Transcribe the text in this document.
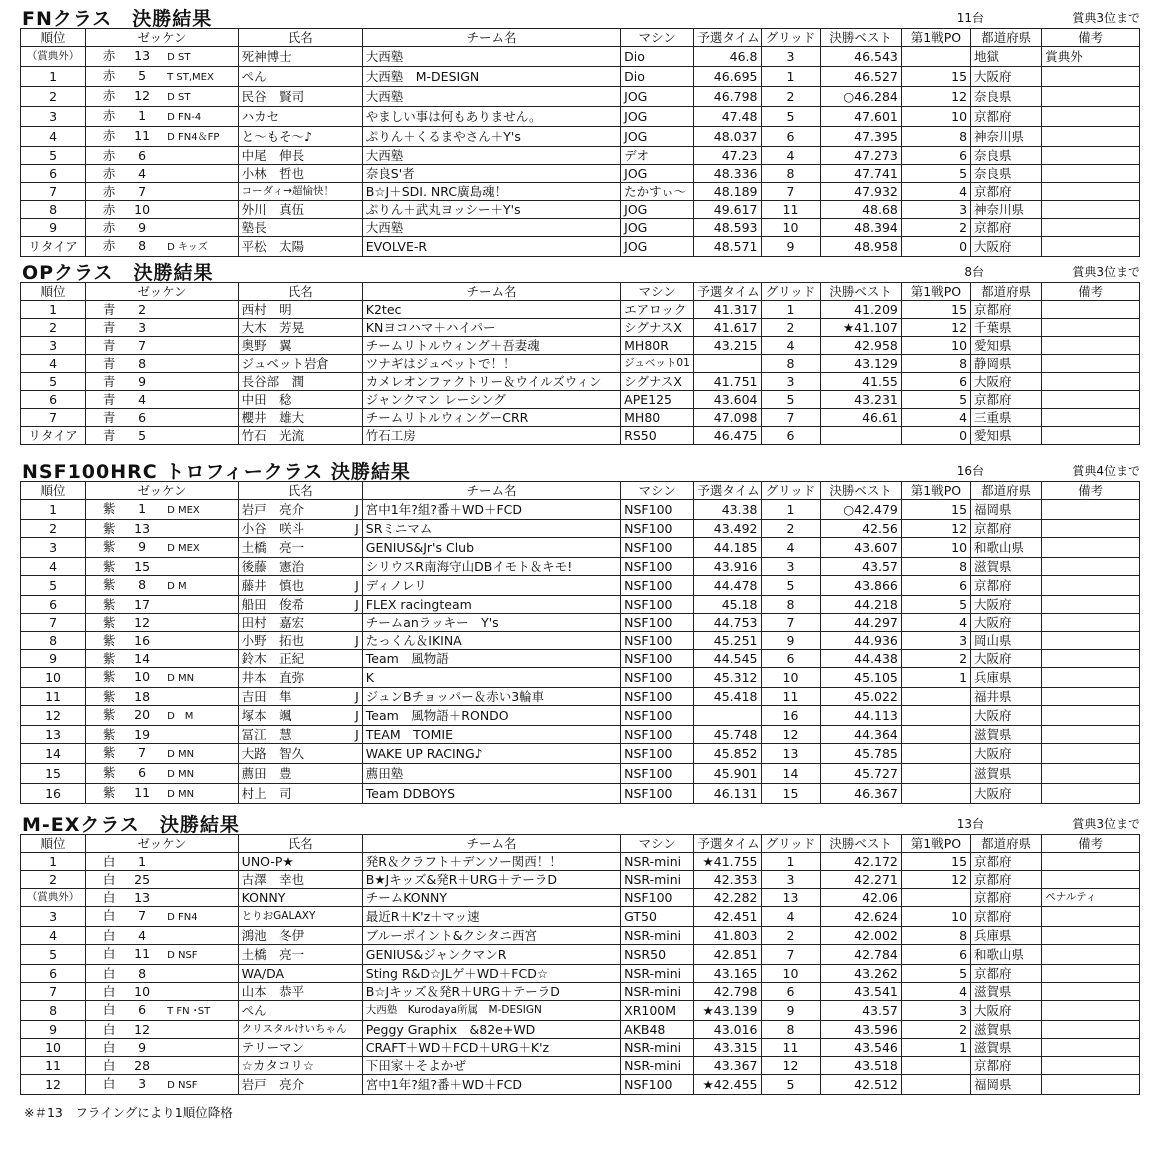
FNクラス　決勝結果	11台	賞典3位まで
順位	ゼッケン	氏名	チーム名	マシン	予選タイム	グリッド	決勝ベスト	第1戦PO	都道府県	備考
（賞典外）	赤 13 D ST	死神博士	大西塾	Dio	46.8	3	46.543		地獄	賞典外
1	赤 5 T ST,MEX	ぺん	大西塾　M-DESIGN	Dio	46.695	1	46.527	15	大阪府	
2	赤 12 D ST	民谷　賢司	大西塾	JOG	46.798	2	○46.284	12	奈良県	
3	赤 1 D FN-4	ハカセ	やましい事は何もありません。	JOG	47.48	5	47.601	10	京都府	
4	赤 11 D FN4＆FP	と～もそ～♪	ぷりん＋くるまやさん＋Y's	JOG	48.037	6	47.395	8	神奈川県	
5	赤 6	中尾　伸長	大西塾	デオ	47.23	4	47.273	6	奈良県	
6	赤 4	小林　哲也	奈良S'者	JOG	48.336	8	47.741	5	奈良県	
7	赤 7	コーダィ→超愉快！	B☆J＋SDI. NRC廣島魂！	たかすぃ～	48.189	7	47.932	4	京都府	
8	赤 10	外川　真伍	ぷりん＋武丸ヨッシー＋Y's	JOG	49.617	11	48.68	3	神奈川県	
9	赤 9	塾長	大西塾	JOG	48.593	10	48.394	2	京都府	
リタイア	赤 8 D キッズ	平松　太陽	EVOLVE-R	JOG	48.571	9	48.958	0	大阪府	
OPクラス　決勝結果	8台	賞典3位まで
順位	ゼッケン	氏名	チーム名	マシン	予選タイム	グリッド	決勝ベスト	第1戦PO	都道府県	備考
1	青 2	西村　明	K2tec	エアロック	41.317	1	41.209	15	京都府	
2	青 3	大木　芳晃	KNヨコハマ＋ハイパー	シグナスX	41.617	2	★41.107	12	千葉県	
3	青 7	奥野　翼	チームリトルウィング＋吾妻魂	MH80R	43.215	4	42.958	10	愛知県	
4	青 8	ジュベット岩倉	ツナギはジュベットで！！	ジュベット01		8	43.129	8	静岡県	
5	青 9	長谷部　潤	カメレオンファクトリー＆ウイルズウィン	シグナスX	41.751	3	41.55	6	大阪府	
6	青 4	中田　稔	ジャンクマン レーシング	APE125	43.604	5	43.231	5	京都府	
7	青 6	櫻井　雄大	チームリトルウィングーCRR	MH80	47.098	7	46.61	4	三重県	
リタイア	青 5	竹石　光流	竹石工房	RS50	46.475	6		0	愛知県	
NSF100HRC トロフィークラス 決勝結果	16台	賞典4位まで
順位	ゼッケン	氏名	チーム名	マシン	予選タイム	グリッド	決勝ベスト	第1戦PO	都道府県	備考
1	紫 1 D MEX	岩戸　亮介 J	宮中1年?組?番＋WD＋FCD	NSF100	43.38	1	○42.479	15	福岡県	
2	紫 13	小谷　咲斗 J	SRミニマム	NSF100	43.492	2	42.56	12	京都府	
3	紫 9 D MEX	土橋　亮一	GENIUS&Jr's Club	NSF100	44.185	4	43.607	10	和歌山県	
4	紫 15	後藤　憲治	シリウスR南海守山DBイモト＆キモ!	NSF100	43.916	3	43.57	8	滋賀県	
5	紫 8 D M	藤井　慎也 J	ディノレリ	NSF100	44.478	5	43.866	6	京都府	
6	紫 17	船田　俊希 J	FLEX racingteam	NSF100	45.18	8	44.218	5	大阪府	
7	紫 12	田村　嘉宏	チームanラッキー　Y's	NSF100	44.753	7	44.297	4	大阪府	
8	紫 16	小野　拓也 J	たっくん＆IKINA	NSF100	45.251	9	44.936	3	岡山県	
9	紫 14	鈴木　正紀	Team　風物語	NSF100	44.545	6	44.438	2	大阪府	
10	紫 10 D MN	井本　直弥	K	NSF100	45.312	10	45.105	1	兵庫県	
11	紫 18	吉田　隼 J	ジュンBチョッパー＆赤い3輪車	NSF100	45.418	11	45.022		福井県	
12	紫 20 D　M	塚本　颯 J	Team　風物語＋RONDO	NSF100		16	44.113		大阪府	
13	紫 19	冨江　慧 J	TEAM　TOMIE	NSF100	45.748	12	44.364		滋賀県	
14	紫 7 D MN	大路　智久	WAKE UP RACING♪	NSF100	45.852	13	45.785		大阪府	
15	紫 6 D MN	薦田　豊	薦田塾	NSF100	45.901	14	45.727		滋賀県	
16	紫 11 D MN	村上　司	Team DDBOYS	NSF100	46.131	15	46.367		大阪府	
M-EXクラス　決勝結果	13台	賞典3位まで
順位	ゼッケン	氏名	チーム名	マシン	予選タイム	グリッド	決勝ベスト	第1戦PO	都道府県	備考
1	白 1	UNO-P★	発R＆クラフト＋デンソー関西！！	NSR-mini	★41.755	1	42.172	15	京都府	
2	白 25	古澤　幸也	B★Jキッズ&発R＋URG＋テーラD	NSR-mini	42.353	3	42.271	12	京都府	
（賞典外）	白 13	KONNY	チームKONNY	NSF100	42.282	13	42.06		京都府	ペナルティ
3	白 7 D FN4	とりおGALAXY	最近R＋K'z＋マッ速	GT50	42.451	4	42.624	10	京都府	
4	白 4	鴻池　冬伊	ブルーポイント&クシタニ西宮	NSR-mini	41.803	2	42.002	8	兵庫県	
5	白 11 D NSF	土橋　亮一	GENIUS&ジャンクマンR	NSR50	42.851	7	42.784	6	和歌山県	
6	白 8	WA/DA	Sting R&D☆JLゲ＋WD＋FCD☆	NSR-mini	43.165	10	43.262	5	京都府	
7	白 10	山本　恭平	B☆Jキッズ＆発R＋URG＋テーラD	NSR-mini	42.798	6	43.541	4	滋賀県	
8	白 6 T FN ･ST	ぺん	大西塾　Kurodaya所属　M-DESIGN	XR100M	★43.139	9	43.57	3	大阪府	
9	白 12	クリスタルけいちゃん	Peggy Graphix　&82e+WD	AKB48	43.016	8	43.596	2	滋賀県	
10	白 9	テリーマン	CRAFT＋WD＋FCD＋URG＋K'z	NSR-mini	43.315	11	43.546	1	滋賀県	
11	白 28	☆カタコリ☆	下田家＋そよかぜ	NSR-mini	43.367	12	43.518		京都府	
12	白 3 D NSF	岩戸　亮介	宮中1年?組?番＋WD＋FCD	NSF100	★42.455	5	42.512		福岡県	
※＃13　フライングにより1順位降格
